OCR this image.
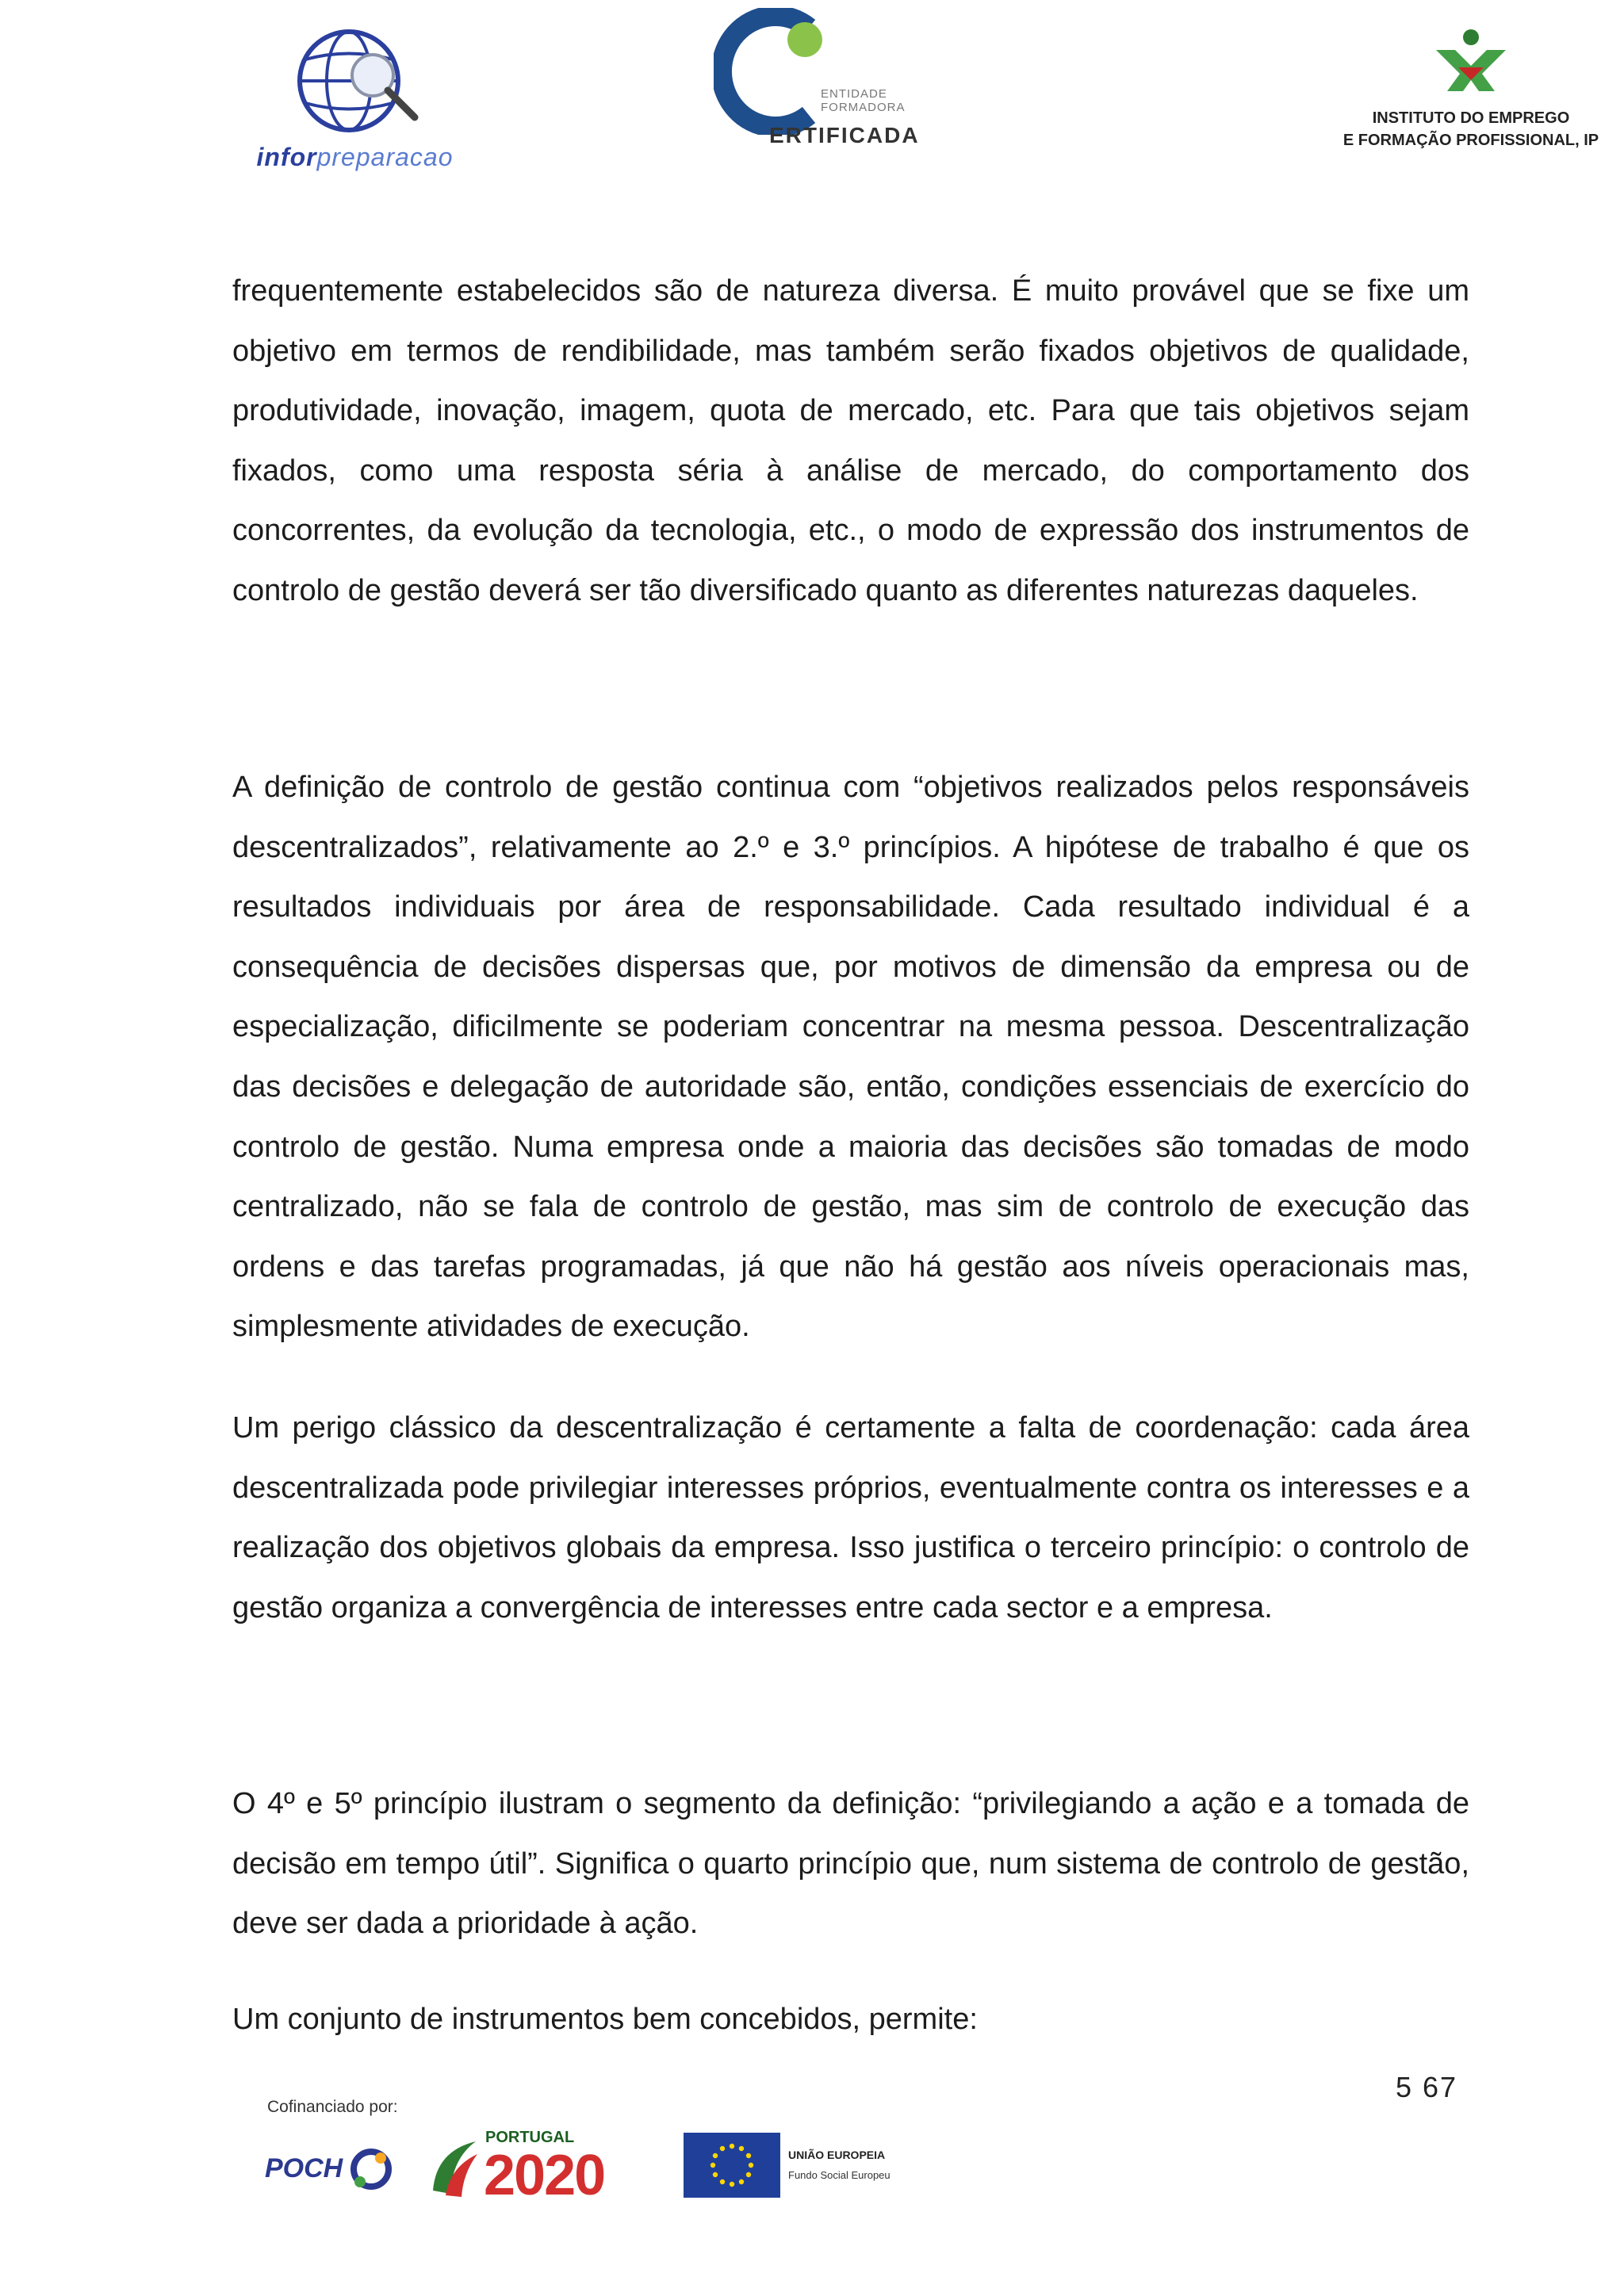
inforpreparacao
DGERT	ENTIDADE
FORMADORA
ERTIFICADA
INSTITUTO DO EMPREGO
E FORMAÇÃO PROFISSIONAL, IP

frequentemente estabelecidos são de natureza diversa. É muito provável que se fixe um objetivo em termos de rendibilidade, mas também serão fixados objetivos de qualidade, produtividade, inovação, imagem, quota de mercado, etc. Para que tais objetivos sejam fixados, como uma resposta séria à análise de mercado, do comportamento dos concorrentes, da evolução da tecnologia, etc., o modo de expressão dos instrumentos de controlo de gestão deverá ser tão diversificado quanto as diferentes naturezas daqueles.

A definição de controlo de gestão continua com “objetivos realizados pelos responsáveis descentralizados”, relativamente ao 2.º e 3.º princípios. A hipótese de trabalho é que os resultados individuais por área de responsabilidade. Cada resultado individual é a consequência de decisões dispersas que, por motivos de dimensão da empresa ou de especialização, dificilmente se poderiam concentrar na mesma pessoa. Descentralização das decisões e delegação de autoridade são, então, condições essenciais de exercício do controlo de gestão. Numa empresa onde a maioria das decisões são tomadas de modo centralizado, não se fala de controlo de gestão, mas sim de controlo de execução das ordens e das tarefas programadas, já que não há gestão aos níveis operacionais mas, simplesmente atividades de execução.

Um perigo clássico da descentralização é certamente a falta de coordenação: cada área descentralizada pode privilegiar interesses próprios, eventualmente contra os interesses e a realização dos objetivos globais da empresa. Isso justifica o terceiro princípio: o controlo de gestão organiza a convergência de interesses entre cada sector e a empresa.

O 4º e 5º princípio ilustram o segmento da definição: “privilegiando a ação e a tomada de decisão em tempo útil”. Significa o quarto princípio que, num sistema de controlo de gestão, deve ser dada a prioridade à ação.

Um conjunto de instrumentos bem concebidos, permite:

5 67
Cofinanciado por:
POCH
PORTUGAL
2020	UNIÃO EUROPEIA
Fundo Social Europeu
